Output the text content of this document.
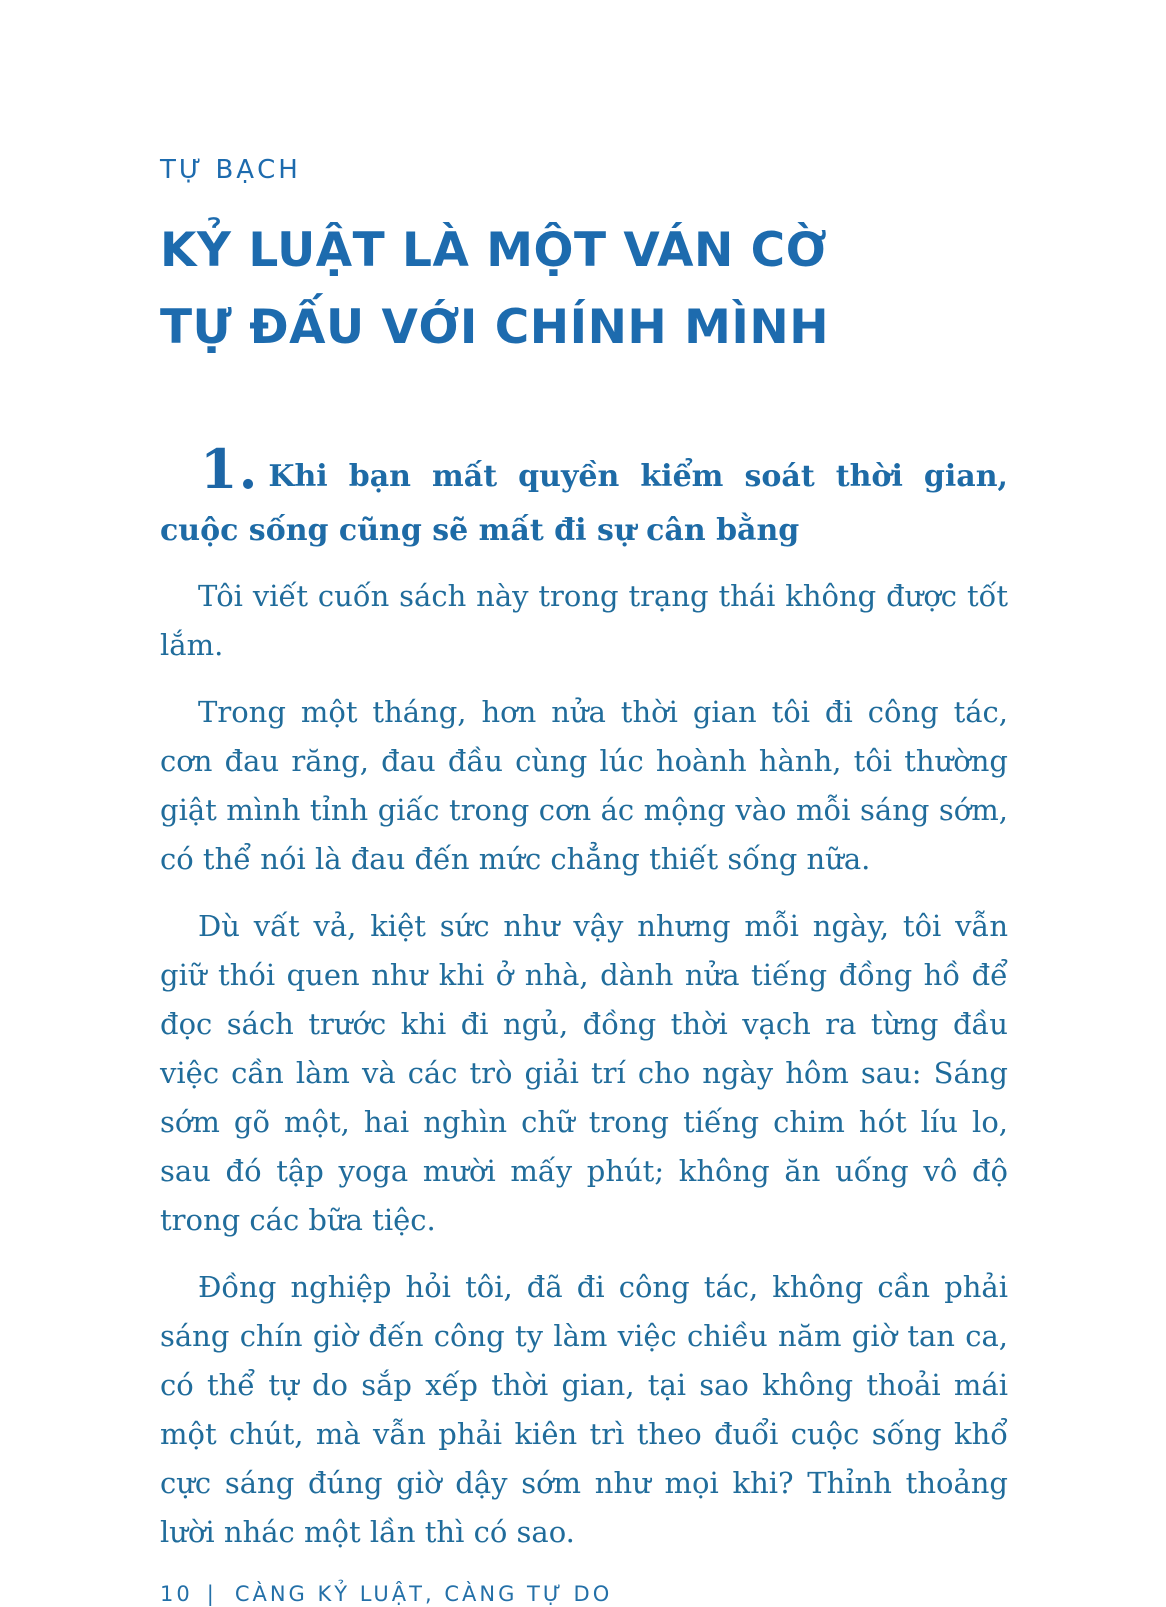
TỰ BẠCH
KỶ LUẬT LÀ MỘT VÁN CỜ
TỰ ĐẤU VỚI CHÍNH MÌNH
1. Khi bạn mất quyền kiểm soát thời gian, cuộc sống cũng sẽ mất đi sự cân bằng

Tôi viết cuốn sách này trong trạng thái không được tốt lắm.

Trong một tháng, hơn nửa thời gian tôi đi công tác, cơn đau răng, đau đầu cùng lúc hoành hành, tôi thường giật mình tỉnh giấc trong cơn ác mộng vào mỗi sáng sớm, có thể nói là đau đến mức chẳng thiết sống nữa.

Dù vất vả, kiệt sức như vậy nhưng mỗi ngày, tôi vẫn giữ thói quen như khi ở nhà, dành nửa tiếng đồng hồ để đọc sách trước khi đi ngủ, đồng thời vạch ra từng đầu việc cần làm và các trò giải trí cho ngày hôm sau: Sáng sớm gõ một, hai nghìn chữ trong tiếng chim hót líu lo, sau đó tập yoga mười mấy phút; không ăn uống vô độ trong các bữa tiệc.

Đồng nghiệp hỏi tôi, đã đi công tác, không cần phải sáng chín giờ đến công ty làm việc chiều năm giờ tan ca, có thể tự do sắp xếp thời gian, tại sao không thoải mái một chút, mà vẫn phải kiên trì theo đuổi cuộc sống khổ cực sáng đúng giờ dậy sớm như mọi khi? Thỉnh thoảng lười nhác một lần thì có sao.

10 | CÀNG KỶ LUẬT, CÀNG TỰ DO
